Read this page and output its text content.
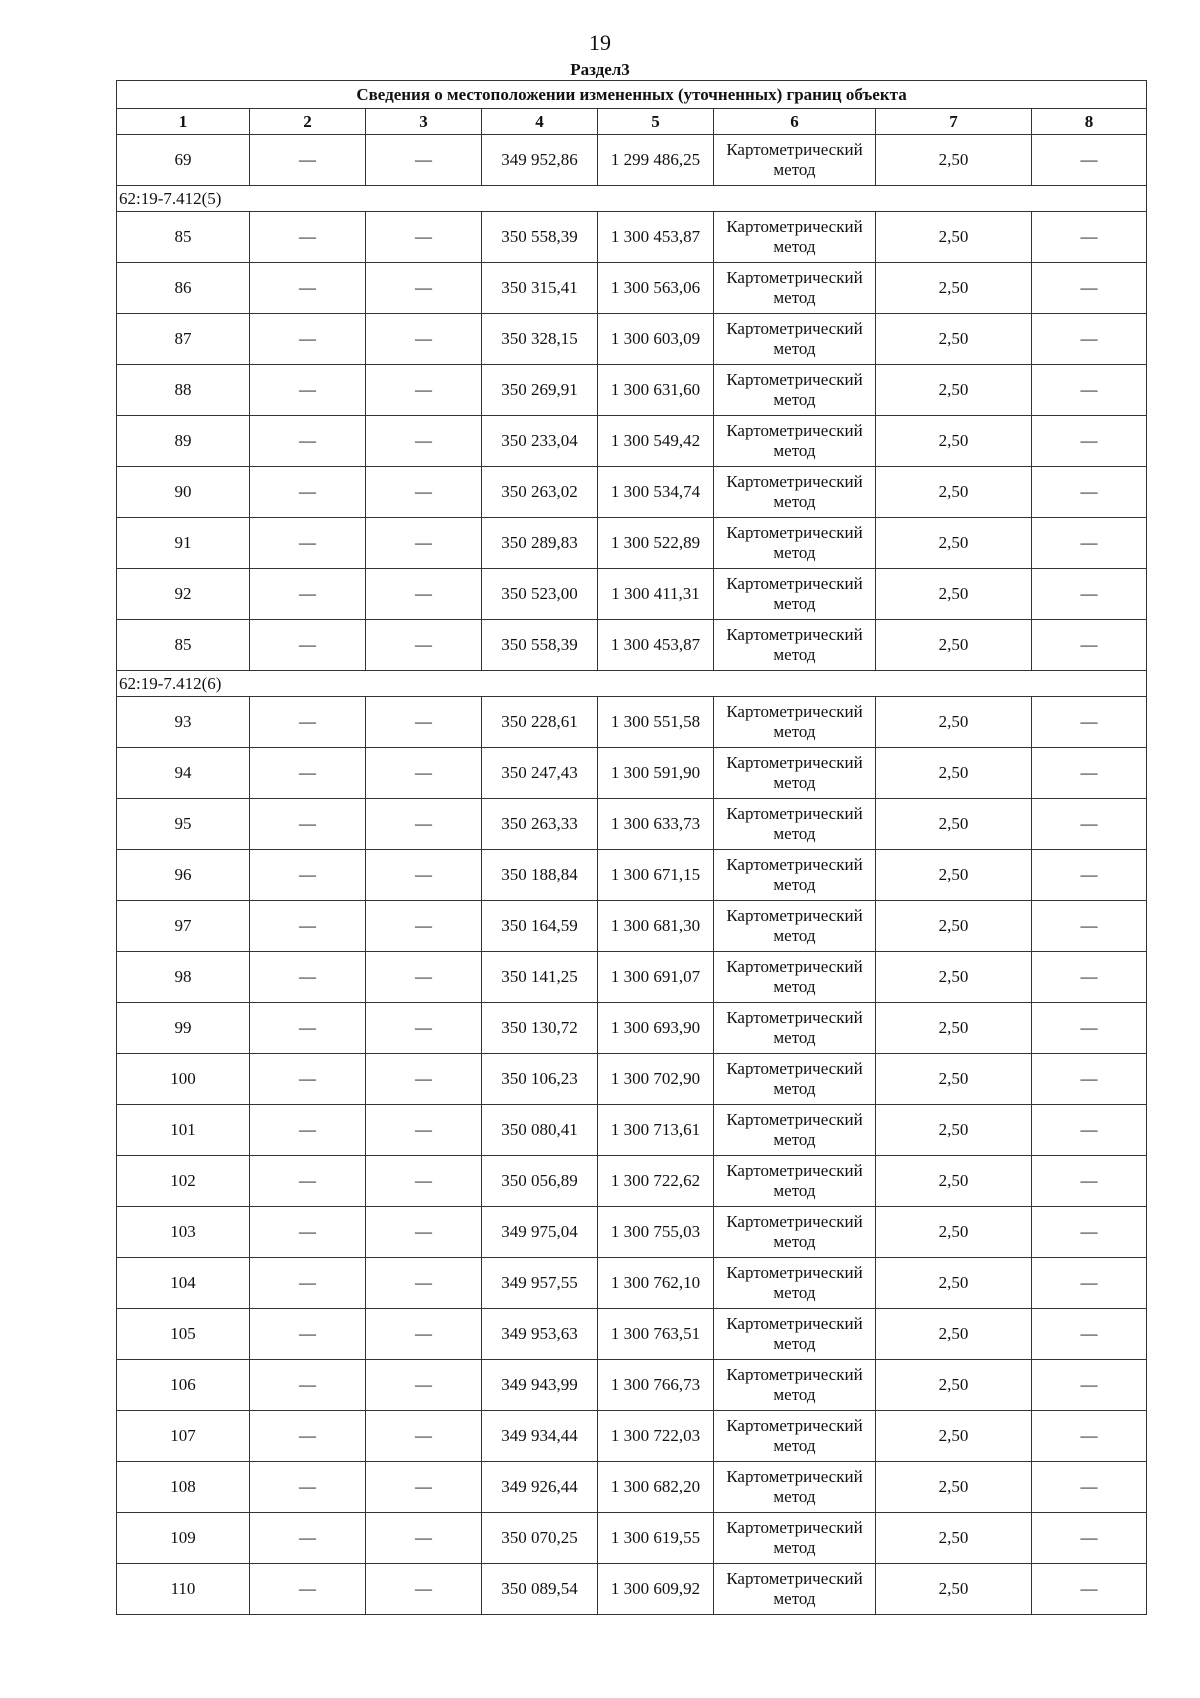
19
Раздел3
Сведения о местоположении измененных (уточненных) границ объекта							
1	2	3	4	5	6	7	8
69	—	—	349 952,86	1 299 486,25	Картометрический метод	2,50	—
62:19-7.412(5)							
85	—	—	350 558,39	1 300 453,87	Картометрический метод	2,50	—
86	—	—	350 315,41	1 300 563,06	Картометрический метод	2,50	—
87	—	—	350 328,15	1 300 603,09	Картометрический метод	2,50	—
88	—	—	350 269,91	1 300 631,60	Картометрический метод	2,50	—
89	—	—	350 233,04	1 300 549,42	Картометрический метод	2,50	—
90	—	—	350 263,02	1 300 534,74	Картометрический метод	2,50	—
91	—	—	350 289,83	1 300 522,89	Картометрический метод	2,50	—
92	—	—	350 523,00	1 300 411,31	Картометрический метод	2,50	—
85	—	—	350 558,39	1 300 453,87	Картометрический метод	2,50	—
62:19-7.412(6)							
93	—	—	350 228,61	1 300 551,58	Картометрический метод	2,50	—
94	—	—	350 247,43	1 300 591,90	Картометрический метод	2,50	—
95	—	—	350 263,33	1 300 633,73	Картометрический метод	2,50	—
96	—	—	350 188,84	1 300 671,15	Картометрический метод	2,50	—
97	—	—	350 164,59	1 300 681,30	Картометрический метод	2,50	—
98	—	—	350 141,25	1 300 691,07	Картометрический метод	2,50	—
99	—	—	350 130,72	1 300 693,90	Картометрический метод	2,50	—
100	—	—	350 106,23	1 300 702,90	Картометрический метод	2,50	—
101	—	—	350 080,41	1 300 713,61	Картометрический метод	2,50	—
102	—	—	350 056,89	1 300 722,62	Картометрический метод	2,50	—
103	—	—	349 975,04	1 300 755,03	Картометрический метод	2,50	—
104	—	—	349 957,55	1 300 762,10	Картометрический метод	2,50	—
105	—	—	349 953,63	1 300 763,51	Картометрический метод	2,50	—
106	—	—	349 943,99	1 300 766,73	Картометрический метод	2,50	—
107	—	—	349 934,44	1 300 722,03	Картометрический метод	2,50	—
108	—	—	349 926,44	1 300 682,20	Картометрический метод	2,50	—
109	—	—	350 070,25	1 300 619,55	Картометрический метод	2,50	—
110	—	—	350 089,54	1 300 609,92	Картометрический метод	2,50	—
